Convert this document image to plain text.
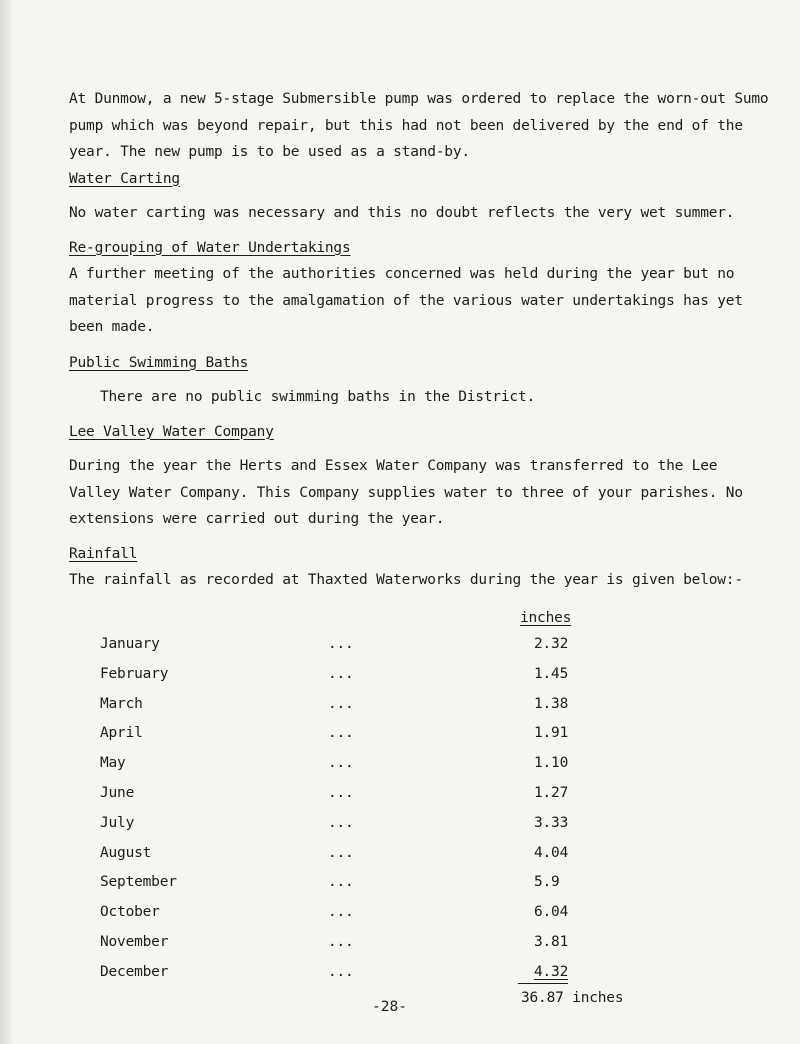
At Dunmow, a new 5-stage Submersible pump was ordered to replace the worn-out Sumo pump which was beyond repair, but this had not been delivered by the end of the year. The new pump is to be used as a stand-by.

Water Carting

No water carting was necessary and this no doubt reflects the very wet summer.

Re-grouping of Water Undertakings

A further meeting of the authorities concerned was held during the year but no material progress to the amalgamation of the various water undertakings has yet been made.

Public Swimming Baths

There are no public swimming baths in the District.

Lee Valley Water Company

During the year the Herts and Essex Water Company was transferred to the Lee Valley Water Company. This Company supplies water to three of your parishes. No extensions were carried out during the year.

Rainfall

The rainfall as recorded at Thaxted Waterworks during the year is given below:-

inches
36.87 inches
January	...	2.32
February	...	1.45
March	...	1.38
April	...	1.91
May	...	1.10
June	...	1.27
July	...	3.33
August	...	4.04
September	...	5.9
October	...	6.04
November	...	3.81
December	...	4.32
-28-
